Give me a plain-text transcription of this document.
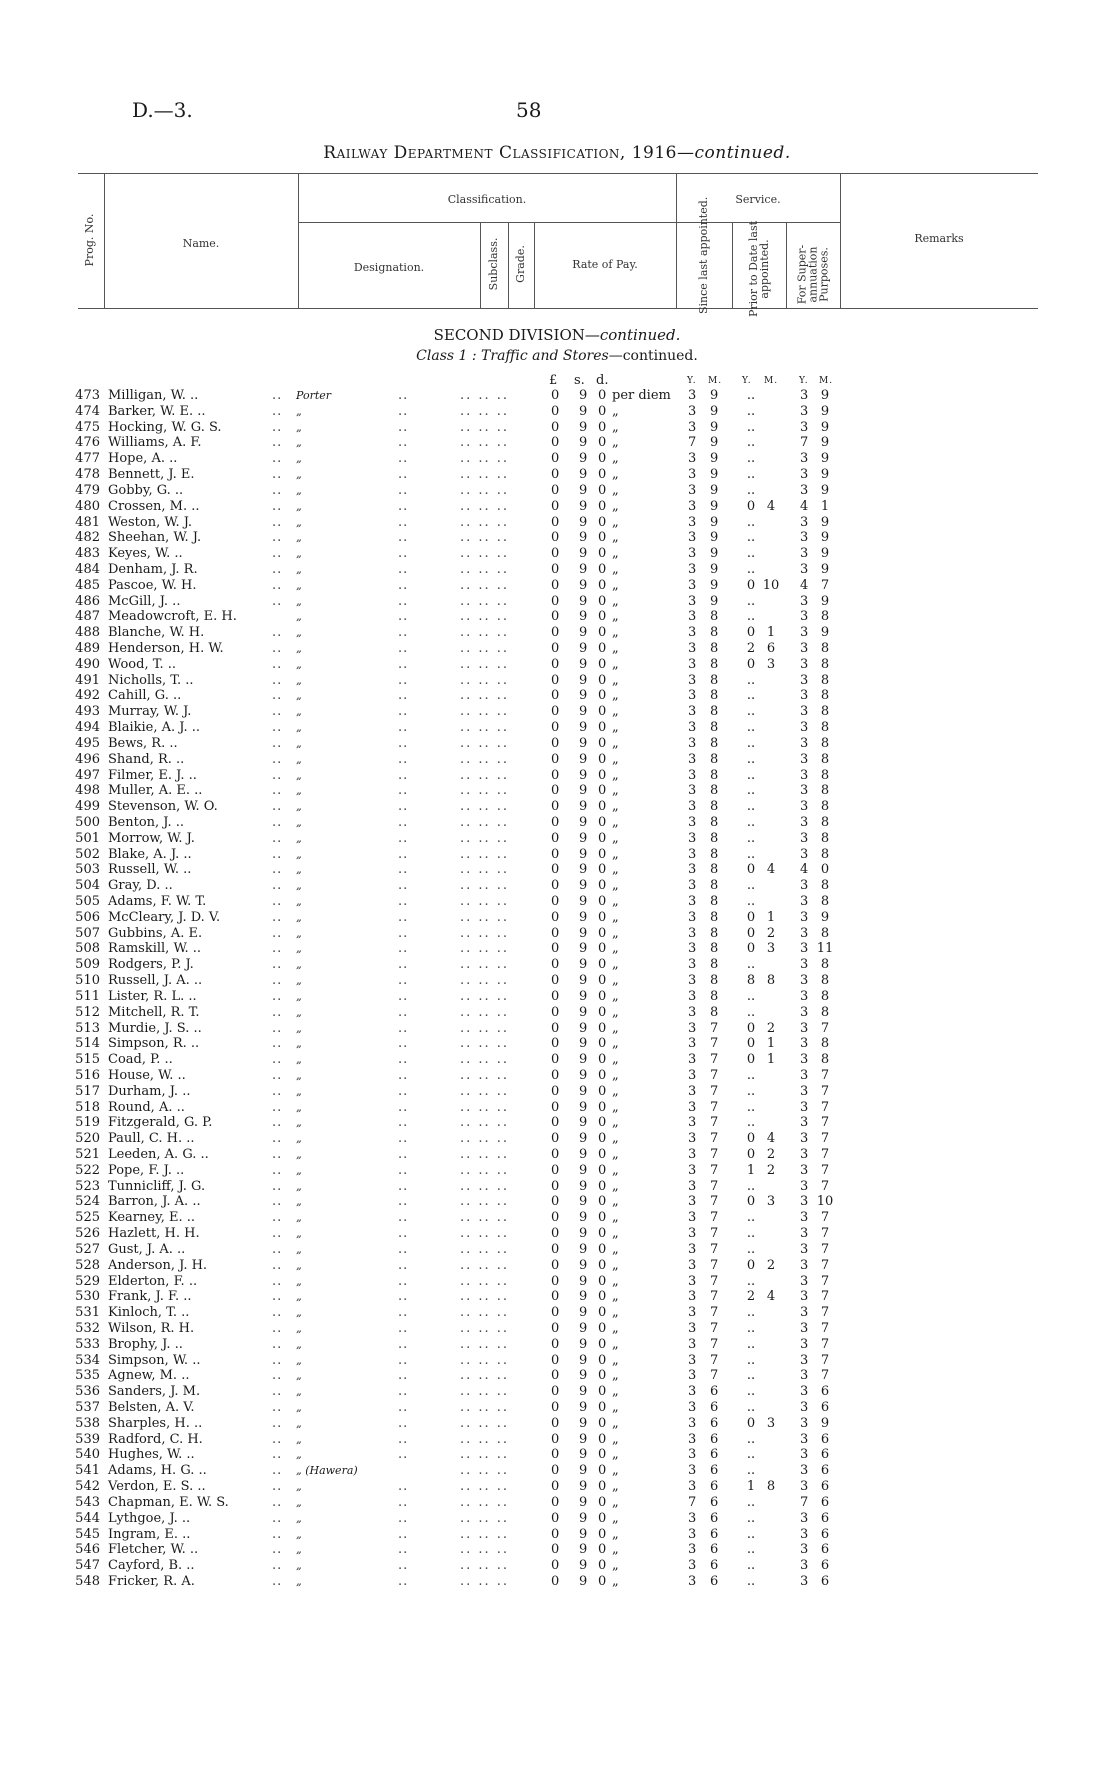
D.—3.	58
Railway Department Classification, 1916—continued.
Prog. No.	Name.
Classification.
Designation.	Subclass. Grade.	Rate of Pay.
Service.
Since last appointed.	Prior to Date last appointed. For Super-annuation Purposes.
Remarks
SECOND DIVISION—continued.
Class 1 : Traffic and Stores—continued.
£ s. d.	Y. M. Y. M. Y. M.
473 Milligan, W. ..	.. Porter	..	.. .. ..	0 9 0 per diem 3 9 ..	3 9
474 Barker, W. E. ..	.. „	..	.. .. ..	0 9 0 „	3 9 ..	3 9
475 Hocking, W. G. S.	.. „	..	.. .. ..	0 9 0 „	3 9 ..	3 9
476 Williams, A. F.	.. „	..	.. .. ..	0 9 0 „	7 9 ..	7 9
477 Hope, A. ..	.. „	..	.. .. ..	0 9 0 „	3 9 ..	3 9
478 Bennett, J. E.	.. „	..	.. .. ..	0 9 0 „	3 9 ..	3 9
479 Gobby, G. ..	.. „	..	.. .. ..	0 9 0 „	3 9 ..	3 9
480 Crossen, M. ..	.. „	..	.. .. ..	0 9 0 „	3 9 0 4	4 1
481 Weston, W. J.	.. „	..	.. .. ..	0 9 0 „	3 9 ..	3 9
482 Sheehan, W. J.	.. „	..	.. .. ..	0 9 0 „	3 9 ..	3 9
483 Keyes, W. ..	.. „	..	.. .. ..	0 9 0 „	3 9 ..	3 9
484 Denham, J. R.	.. „	..	.. .. ..	0 9 0 „	3 9 ..	3 9
485 Pascoe, W. H.	.. „	..	.. .. ..	0 9 0 „	3 9 0 10 4 7
486 McGill, J. ..	.. „	..	.. .. ..	0 9 0 „	3 9 ..	3 9
487 Meadowcroft, E. H.	„	..	.. .. ..	0 9 0 „	3 8 ..	3 8
488 Blanche, W. H.	.. „	..	.. .. ..	0 9 0 „	3 8 0 1	3 9
489 Henderson, H. W.	.. „	..	.. .. ..	0 9 0 „	3 8 2 6	3 8
490 Wood, T. ..	.. „	..	.. .. ..	0 9 0 „	3 8 0 3	3 8
491 Nicholls, T. ..	.. „	..	.. .. ..	0 9 0 „	3 8 ..	3 8
492 Cahill, G. ..	.. „	..	.. .. ..	0 9 0 „	3 8 ..	3 8
493 Murray, W. J.	.. „	..	.. .. ..	0 9 0 „	3 8 ..	3 8
494 Blaikie, A. J. ..	.. „	..	.. .. ..	0 9 0 „	3 8 ..	3 8
495 Bews, R. ..	.. „	..	.. .. ..	0 9 0 „	3 8 ..	3 8
496 Shand, R. ..	.. „	..	.. .. ..	0 9 0 „	3 8 ..	3 8
497 Filmer, E. J. ..	.. „	..	.. .. ..	0 9 0 „	3 8 ..	3 8
498 Muller, A. E. ..	.. „	..	.. .. ..	0 9 0 „	3 8 ..	3 8
499 Stevenson, W. O.	.. „	..	.. .. ..	0 9 0 „	3 8 ..	3 8
500 Benton, J. ..	.. „	..	.. .. ..	0 9 0 „	3 8 ..	3 8
501 Morrow, W. J.	.. „	..	.. .. ..	0 9 0 „	3 8 ..	3 8
502 Blake, A. J. ..	.. „	..	.. .. ..	0 9 0 „	3 8 ..	3 8
503 Russell, W. ..	.. „	..	.. .. ..	0 9 0 „	3 8 0 4	4 0
504 Gray, D. ..	.. „	..	.. .. ..	0 9 0 „	3 8 ..	3 8
505 Adams, F. W. T.	.. „	..	.. .. ..	0 9 0 „	3 8 ..	3 8
506 McCleary, J. D. V.	.. „	..	.. .. ..	0 9 0 „	3 8 0 1	3 9
507 Gubbins, A. E.	.. „	..	.. .. ..	0 9 0 „	3 8 0 2	3 8
508 Ramskill, W. ..	.. „	..	.. .. ..	0 9 0 „	3 8 0 3	3 11
509 Rodgers, P. J.	.. „	..	.. .. ..	0 9 0 „	3 8 ..	3 8
510 Russell, J. A. ..	.. „	..	.. .. ..	0 9 0 „	3 8 8 8	3 8
511 Lister, R. L. ..	.. „	..	.. .. ..	0 9 0 „	3 8 ..	3 8
512 Mitchell, R. T.	.. „	..	.. .. ..	0 9 0 „	3 8 ..	3 8
513 Murdie, J. S. ..	.. „	..	.. .. ..	0 9 0 „	3 7 0 2	3 7
514 Simpson, R. ..	.. „	..	.. .. ..	0 9 0 „	3 7 0 1	3 8
515 Coad, P. ..	.. „	..	.. .. ..	0 9 0 „	3 7 0 1	3 8
516 House, W. ..	.. „	..	.. .. ..	0 9 0 „	3 7 ..	3 7
517 Durham, J. ..	.. „	..	.. .. ..	0 9 0 „	3 7 ..	3 7
518 Round, A. ..	.. „	..	.. .. ..	0 9 0 „	3 7 ..	3 7
519 Fitzgerald, G. P.	.. „	..	.. .. ..	0 9 0 „	3 7 ..	3 7
520 Paull, C. H. ..	.. „	..	.. .. ..	0 9 0 „	3 7 0 4	3 7
521 Leeden, A. G. ..	.. „	..	.. .. ..	0 9 0 „	3 7 0 2	3 7
522 Pope, F. J. ..	.. „	..	.. .. ..	0 9 0 „	3 7 1 2	3 7
523 Tunnicliff, J. G.	.. „	..	.. .. ..	0 9 0 „	3 7 ..	3 7
524 Barron, J. A. ..	.. „	..	.. .. ..	0 9 0 „	3 7 0 3	3 10
525 Kearney, E. ..	.. „	..	.. .. ..	0 9 0 „	3 7 ..	3 7
526 Hazlett, H. H.	.. „	..	.. .. ..	0 9 0 „	3 7 ..	3 7
527 Gust, J. A. ..	.. „	..	.. .. ..	0 9 0 „	3 7 ..	3 7
528 Anderson, J. H.	.. „	..	.. .. ..	0 9 0 „	3 7 0 2	3 7
529 Elderton, F. ..	.. „	..	.. .. ..	0 9 0 „	3 7 ..	3 7
530 Frank, J. F. ..	.. „	..	.. .. ..	0 9 0 „	3 7 2 4	3 7
531 Kinloch, T. ..	.. „	..	.. .. ..	0 9 0 „	3 7 ..	3 7
532 Wilson, R. H.	.. „	..	.. .. ..	0 9 0 „	3 7 ..	3 7
533 Brophy, J. ..	.. „	..	.. .. ..	0 9 0 „	3 7 ..	3 7
534 Simpson, W. ..	.. „	..	.. .. ..	0 9 0 „	3 7 ..	3 7
535 Agnew, M. ..	.. „	..	.. .. ..	0 9 0 „	3 7 ..	3 7
536 Sanders, J. M.	.. „	..	.. .. ..	0 9 0 „	3 6 ..	3 6
537 Belsten, A. V.	.. „	..	.. .. ..	0 9 0 „	3 6 ..	3 6
538 Sharples, H. ..	.. „	..	.. .. ..	0 9 0 „	3 6 0 3	3 9
539 Radford, C. H.	.. „	..	.. .. ..	0 9 0 „	3 6 ..	3 6
540 Hughes, W. ..	.. „	..	.. .. ..	0 9 0 „	3 6 ..	3 6
541 Adams, H. G. ..	.. „ (Hawera)	.. .. ..	0 9 0 „	3 6 ..	3 6
542 Verdon, E. S. ..	.. „	..	.. .. ..	0 9 0 „	3 6 1 8	3 6
543 Chapman, E. W. S.	.. „	..	.. .. ..	0 9 0 „	7 6 ..	7 6
544 Lythgoe, J. ..	.. „	..	.. .. ..	0 9 0 „	3 6 ..	3 6
545 Ingram, E. ..	.. „	..	.. .. ..	0 9 0 „	3 6 ..	3 6
546 Fletcher, W. ..	.. „	..	.. .. ..	0 9 0 „	3 6 ..	3 6
547 Cayford, B. ..	.. „	..	.. .. ..	0 9 0 „	3 6 ..	3 6
548 Fricker, R. A.	.. „	..	.. .. ..	0 9 0 „	3 6 ..	3 6
